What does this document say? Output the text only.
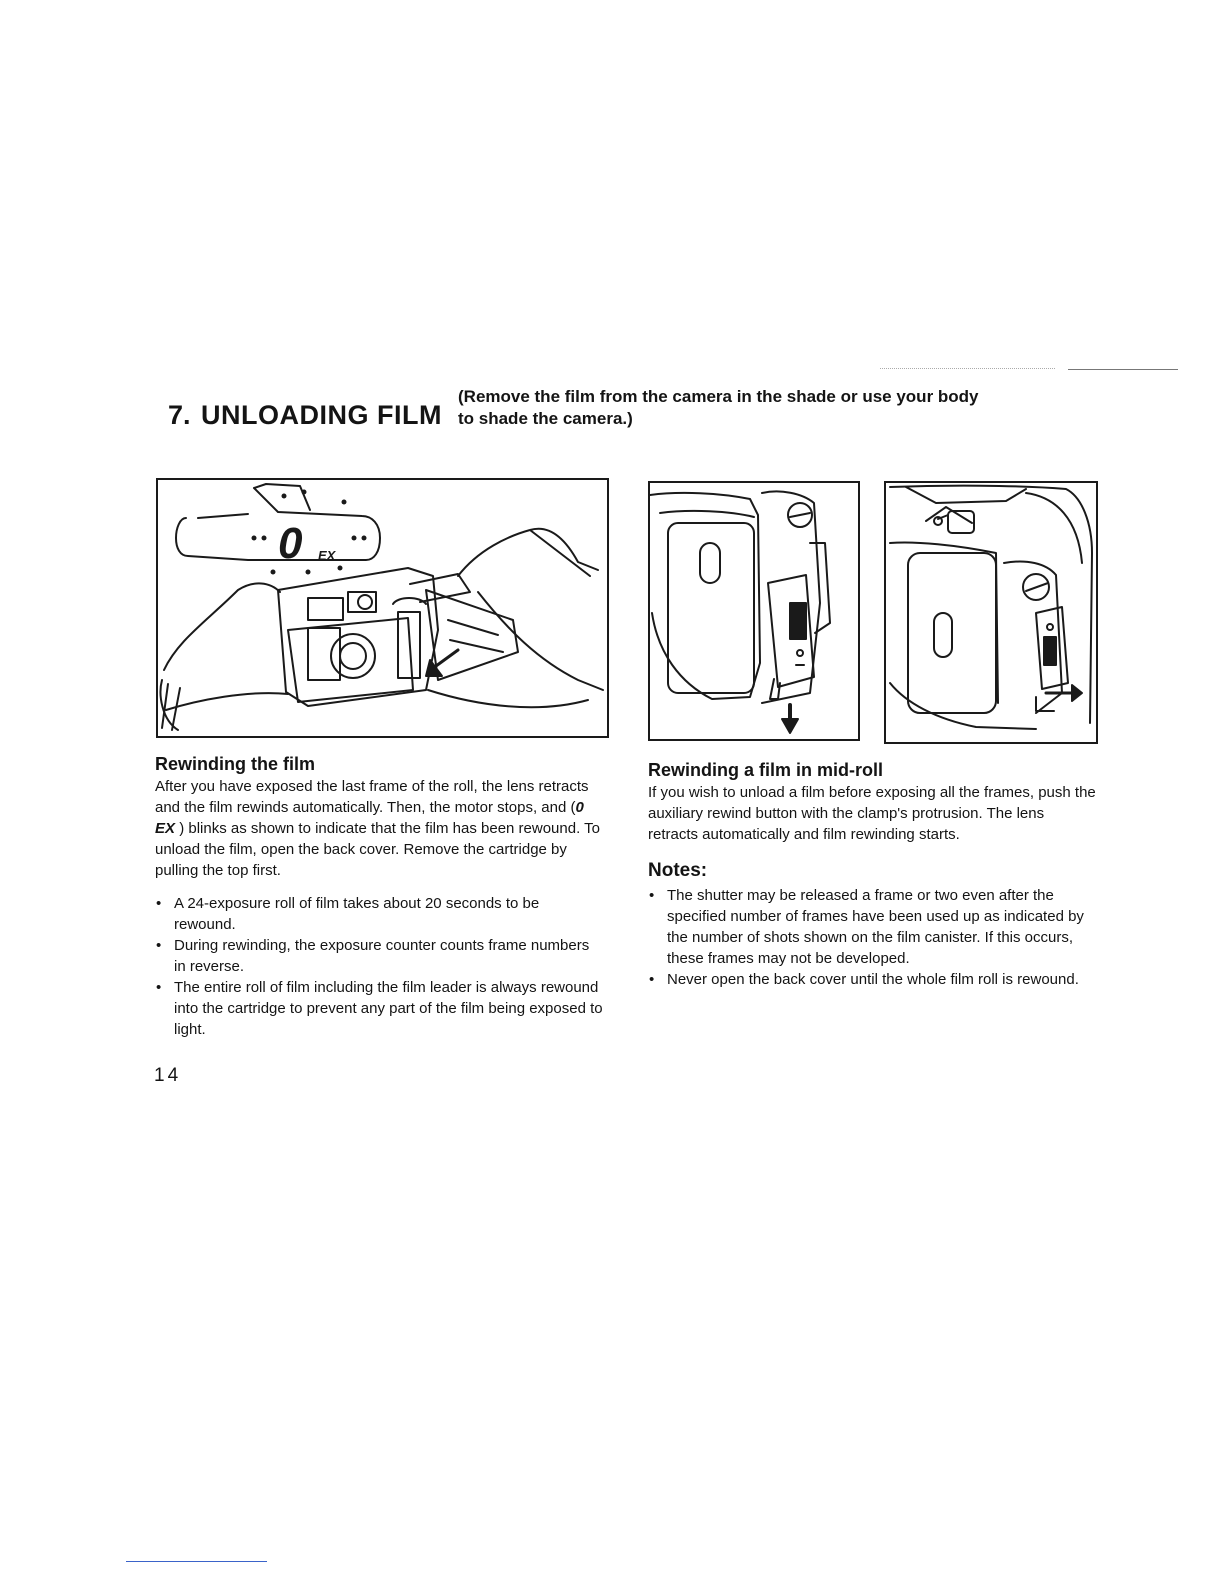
7. UNLOADING FILM
(Remove the film from the camera in the shade or use your body
to shade the camera.)
0 EX
Rewinding the film

After you have exposed the last frame of the roll, the lens retracts and the film rewinds automatically. Then, the motor stops, and (0 EX ) blinks as shown to indicate that the film has been rewound. To unload the film, open the back cover. Remove the cartridge by pulling the top first.

• A 24-exposure roll of film takes about 20 seconds to be rewound.
• During rewinding, the exposure counter counts frame numbers in reverse.
• The entire roll of film including the film leader is always rewound into the cartridge to prevent any part of the film being exposed to light.
Rewinding a film in mid-roll

If you wish to unload a film before exposing all the frames, push the auxiliary rewind button with the clamp's protrusion. The lens retracts automatically and film rewinding starts.

Notes:
• The shutter may be released a frame or two even after the specified number of frames have been used up as indicated by the number of shots shown on the film canister. If this occurs, these frames may not be developed.
• Never open the back cover until the whole film roll is rewound.
14
